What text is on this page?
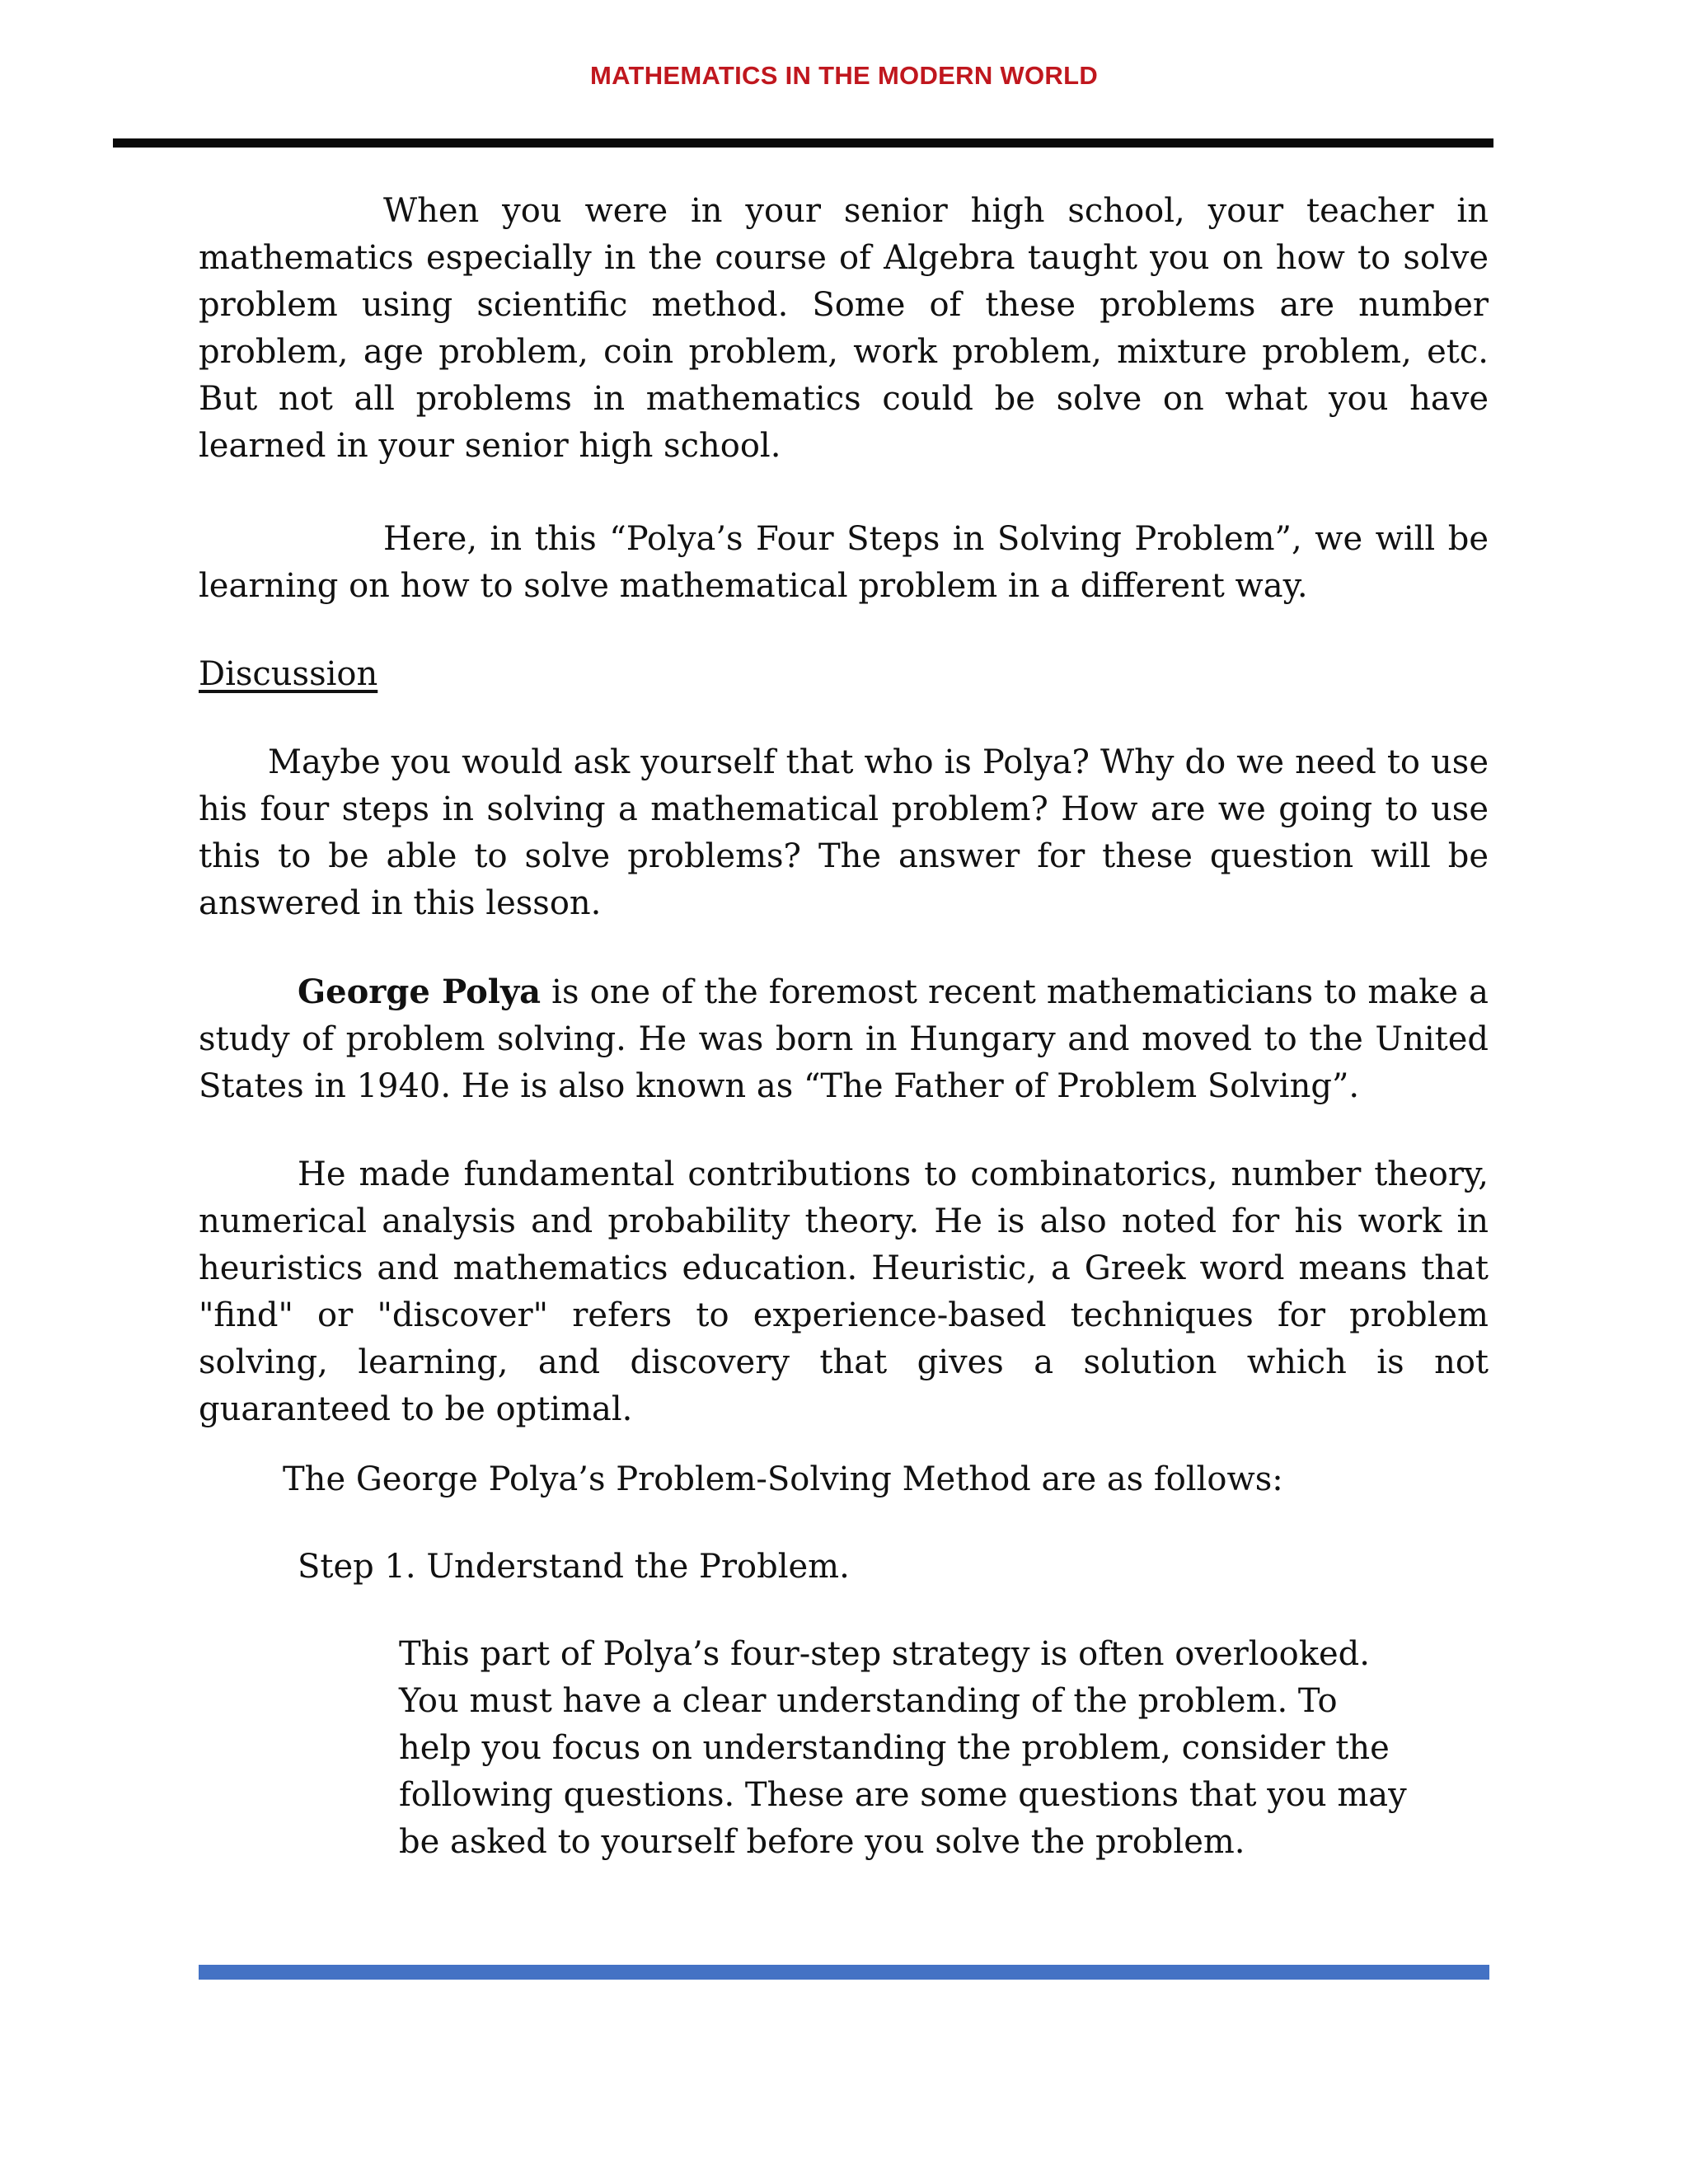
MATHEMATICS IN THE MODERN WORLD

When you were in your senior high school, your teacher in mathematics especially in the course of Algebra taught you on how to solve problem using scientific method. Some of these problems are number problem, age problem, coin problem, work problem, mixture problem, etc. But not all problems in mathematics could be solve on what you have learned in your senior high school.

Here, in this “Polya’s Four Steps in Solving Problem”, we will be learning on how to solve mathematical problem in a different way.

Discussion

Maybe you would ask yourself that who is Polya? Why do we need to use his four steps in solving a mathematical problem? How are we going to use this to be able to solve problems? The answer for these question will be answered in this lesson.

George Polya is one of the foremost recent mathematicians to make a study of problem solving. He was born in Hungary and moved to the United States in 1940. He is also known as “The Father of Problem Solving”.

He made fundamental contributions to combinatorics, number theory, numerical analysis and probability theory. He is also noted for his work in heuristics and mathematics education. Heuristic, a Greek word means that "find" or "discover" refers to experience-based techniques for problem solving, learning, and discovery that gives a solution which is not guaranteed to be optimal.

The George Polya’s Problem-Solving Method are as follows:

Step 1. Understand the Problem.

This part of Polya’s four-step strategy is often overlooked. You must have a clear understanding of the problem. To help you focus on understanding the problem, consider the following questions. These are some questions that you may be asked to yourself before you solve the problem.
